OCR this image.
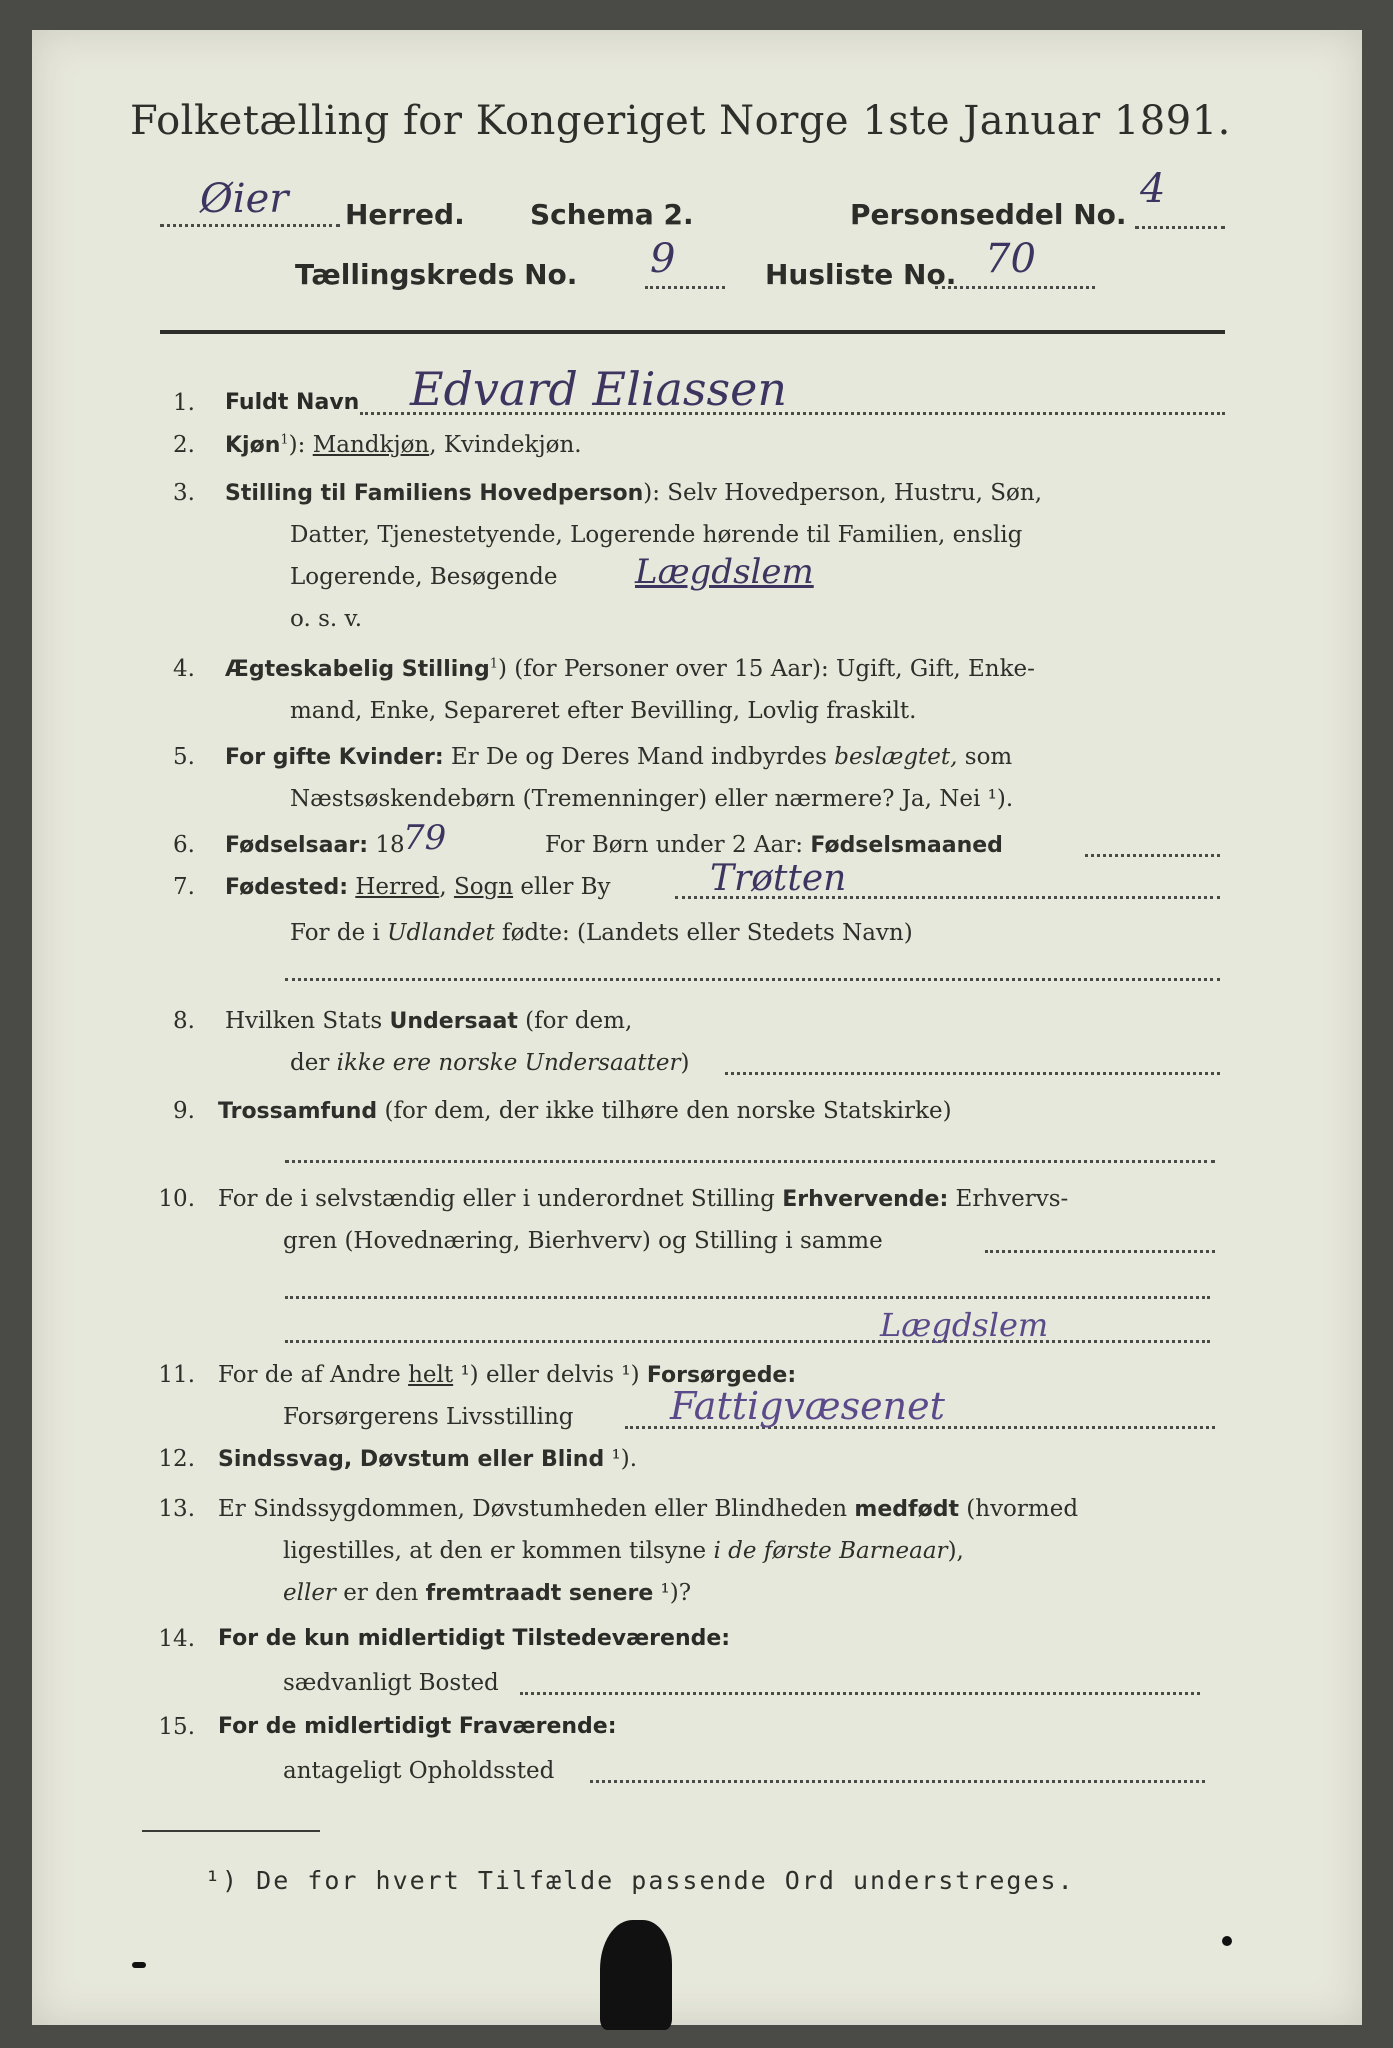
Folketælling for Kongeriget Norge 1ste Januar 1891.
Øier Herred. Schema 2.	Personseddel No.
4
Tællingskreds No. 9	Husliste No. 70
1. Fuldt Navn Edvard Eliassen
2. Kjøn$^1$): Mandkjøn, Kvindekjøn.
3. Stilling til Familiens Hovedperson): Selv Hovedperson, Hustru, Søn,
Datter, Tjenestetyende, Logerende hørende til Familien, enslig
Logerende, Besøgende Lægdslem
o. s. v.
4. Ægteskabelig Stilling$^1$) (for Personer over 15 Aar): Ugift, Gift, Enke-
mand, Enke, Separeret efter Bevilling, Lovlig fraskilt.
5. For gifte Kvinder: Er De og Deres Mand indbyrdes beslægtet, som
Næstsøskendebørn (Tremenninger) eller nærmere? Ja, Nei ¹).
6. Fødselsaar: 18
79	For Børn under 2 Aar: Fødselsmaaned
7. Fødested: Herred, Sogn eller By	Trøtten
For de i Udlandet fødte: (Landets eller Stedets Navn)
8. Hvilken Stats Undersaat (for dem,
der ikke ere norske Undersaatter)
9. Trossamfund (for dem, der ikke tilhøre den norske Statskirke)
10. For de i selvstændig eller i underordnet Stilling Erhvervende: Erhvervs-
gren (Hovednæring, Bierhverv) og Stilling i samme
Lægdslem
11. For de af Andre helt ¹) eller delvis ¹) Forsørgede:
Forsørgerens Livsstilling	Fattigvæsenet
12. Sindssvag, Døvstum eller Blind ¹).
13. Er Sindssygdommen, Døvstumheden eller Blindheden medfødt (hvormed
ligestilles, at den er kommen tilsyne i de første Barneaar),
eller er den fremtraadt senere ¹)?
14. For de kun midlertidigt Tilstedeværende:
sædvanligt Bosted
15. For de midlertidigt Fraværende:
antageligt Opholdssted
¹) De for hvert Tilfælde passende Ord understreges.
